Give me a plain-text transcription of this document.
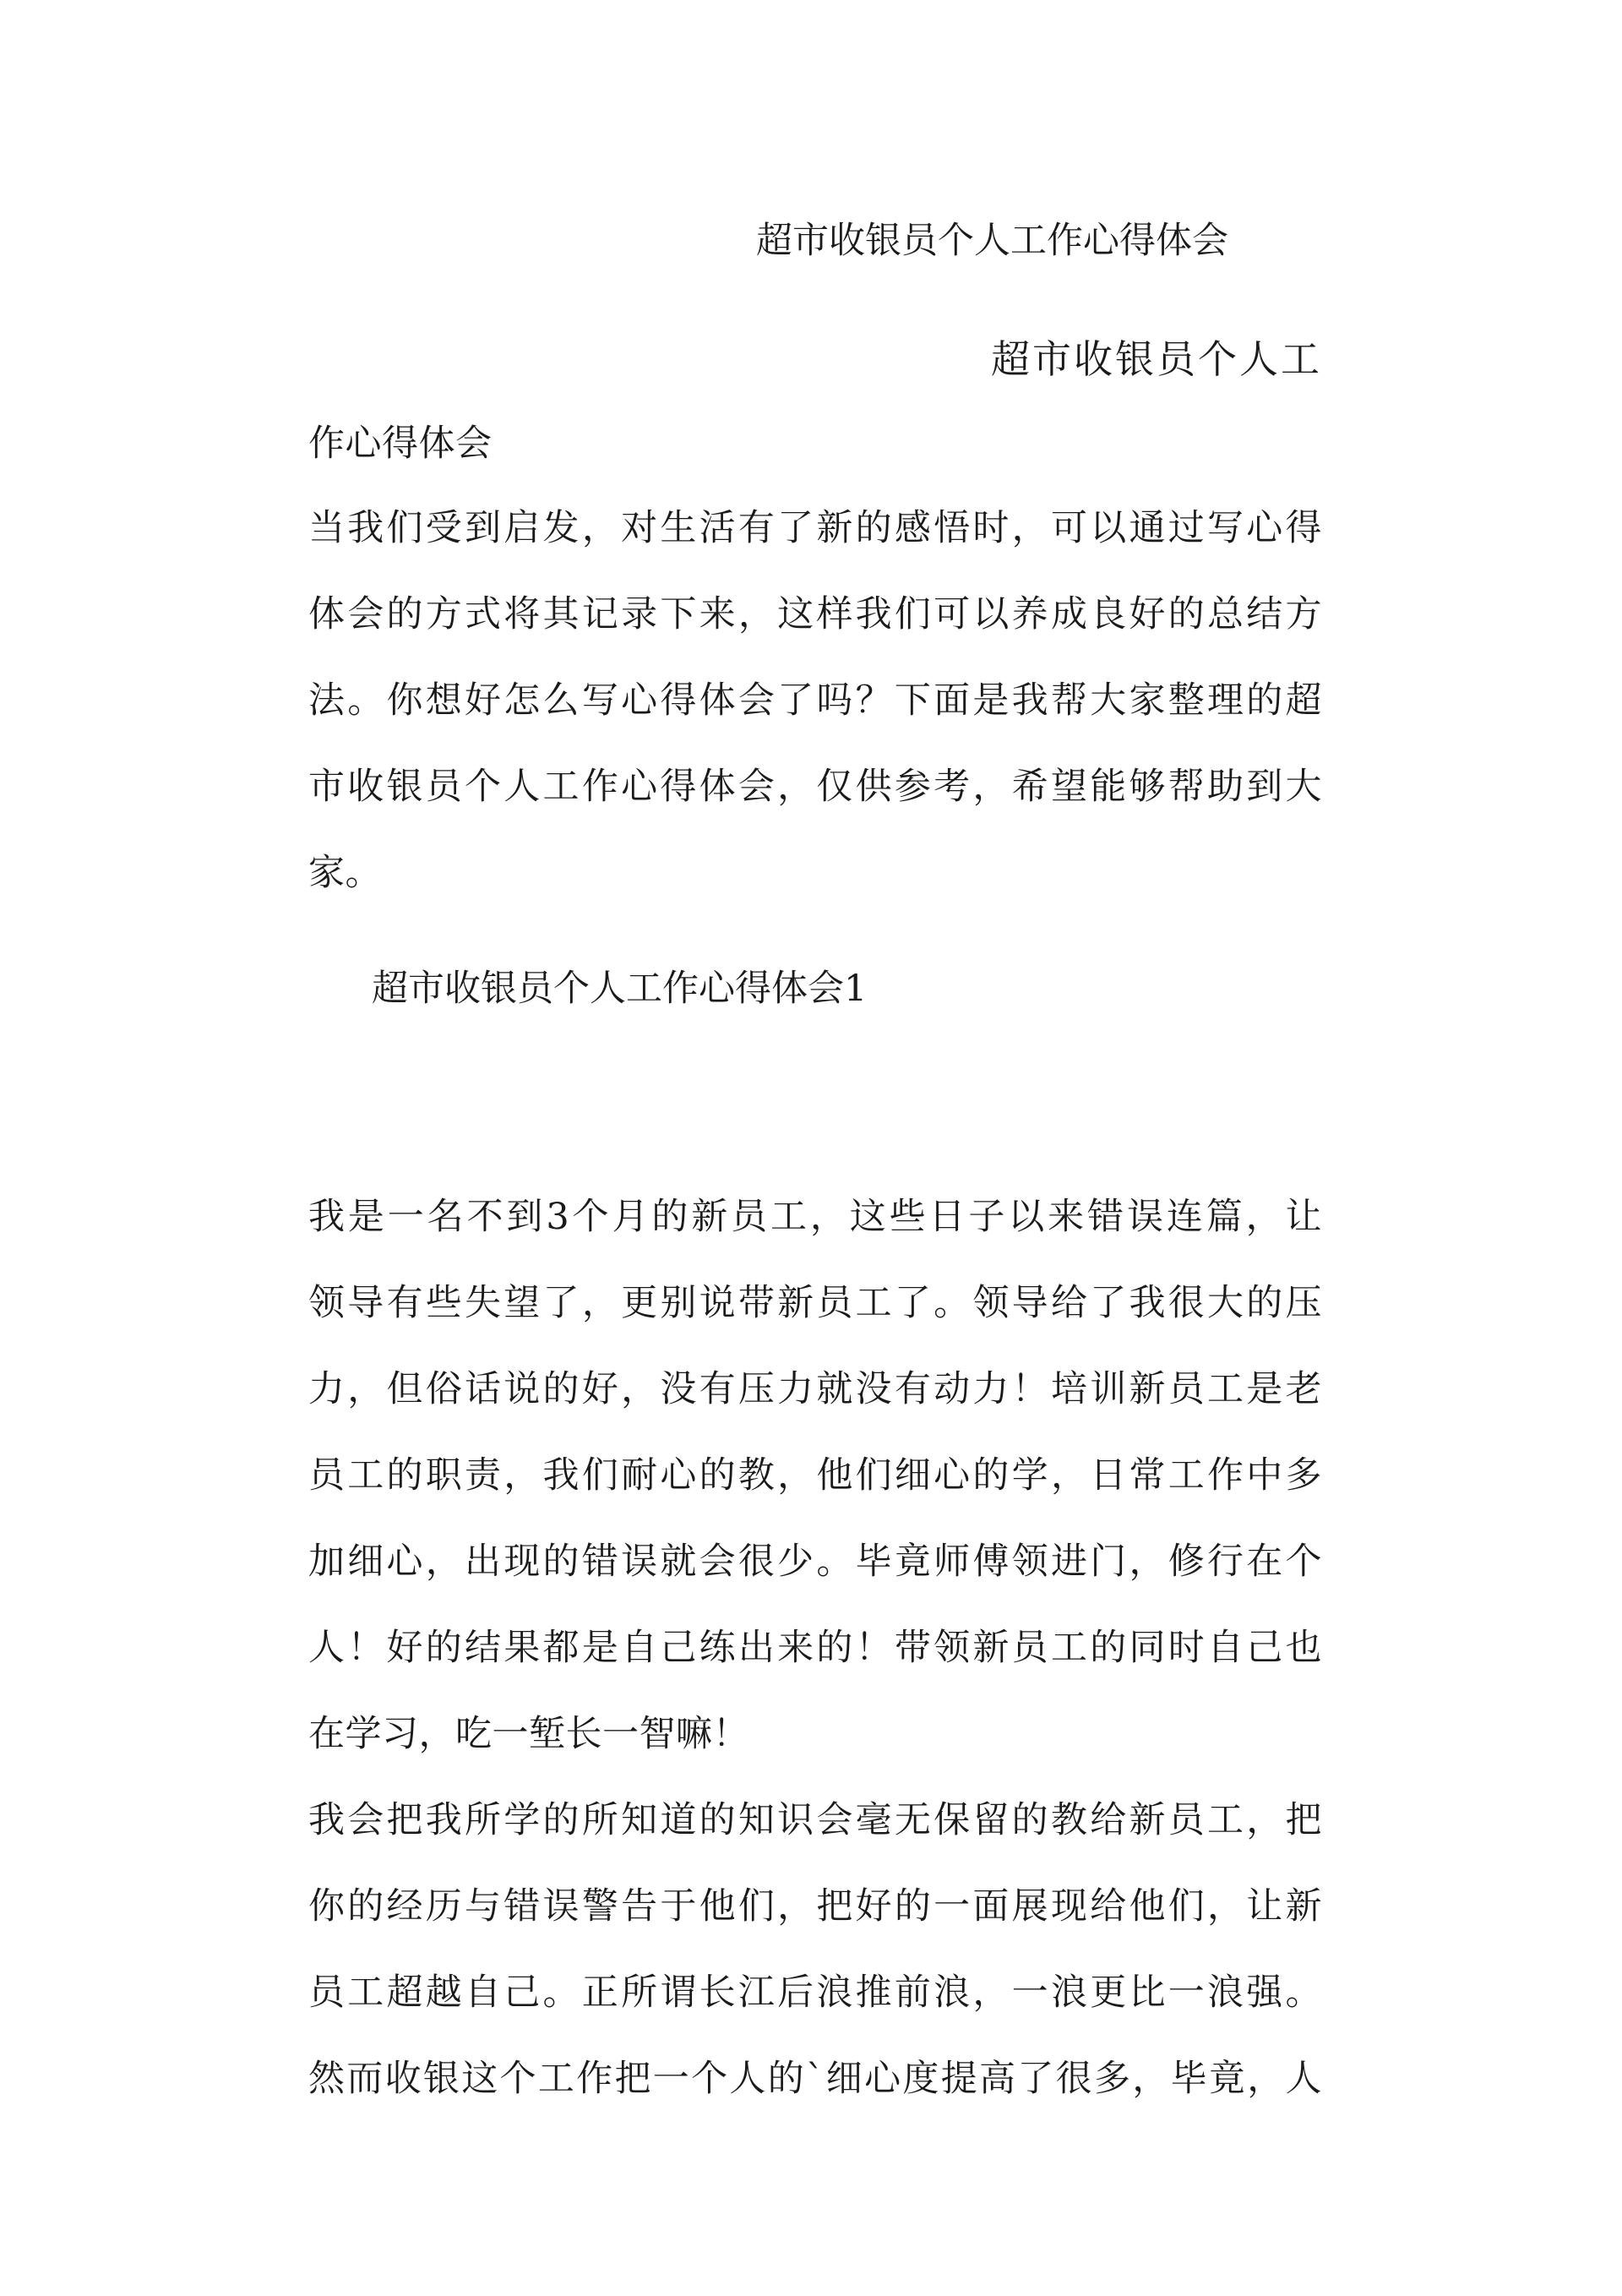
超市收银员个人工作心得体会
超市收银员个人工
作心得体会
当我们受到启发，对生活有了新的感悟时，可以通过写心得
体会的方式将其记录下来，这样我们可以养成良好的总结方
法。你想好怎么写心得体会了吗？下面是我帮大家整理的超
市收银员个人工作心得体会，仅供参考，希望能够帮助到大
家。
超市收银员个人工作心得体会1
我是一名不到3个月的新员工，这些日子以来错误连篇，让
领导有些失望了，更别说带新员工了。领导给了我很大的压
力，但俗话说的好，没有压力就没有动力！培训新员工是老
员工的职责，我们耐心的教，他们细心的学，日常工作中多
加细心，出现的错误就会很少。毕竟师傅领进门，修行在个
人！好的结果都是自己练出来的！带领新员工的同时自己也
在学习，吃一堑长一智嘛！
我会把我所学的所知道的知识会毫无保留的教给新员工，把
你的经历与错误警告于他们，把好的一面展现给他们，让新
员工超越自己。正所谓长江后浪推前浪，一浪更比一浪强。
然而收银这个工作把一个人的`细心度提高了很多，毕竟，人
